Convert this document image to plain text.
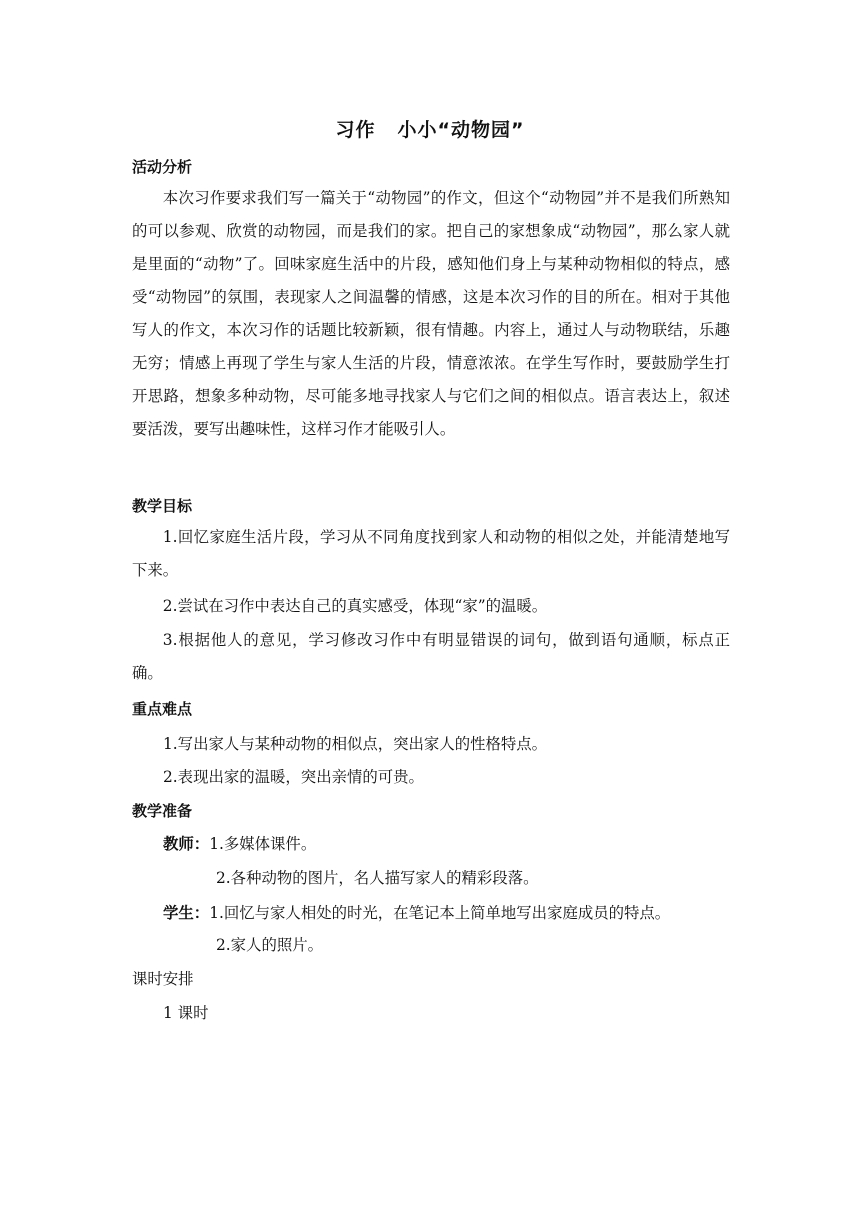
习作 小小“动物园”
活动分析
本次习作要求我们写一篇关于“动物园”的作文，但这个“动物园”并不是我们所熟知的可以参观、欣赏的动物园，而是我们的家。把自己的家想象成“动物园”，那么家人就是里面的“动物”了。回味家庭生活中的片段，感知他们身上与某种动物相似的特点，感受“动物园”的氛围，表现家人之间温馨的情感，这是本次习作的目的所在。相对于其他写人的作文，本次习作的话题比较新颖，很有情趣。内容上，通过人与动物联结，乐趣无穷；情感上再现了学生与家人生活的片段，情意浓浓。在学生写作时，要鼓励学生打开思路，想象多种动物，尽可能多地寻找家人与它们之间的相似点。语言表达上，叙述要活泼，要写出趣味性，这样习作才能吸引人。
教学目标
1.回忆家庭生活片段，学习从不同角度找到家人和动物的相似之处，并能清楚地写下来。
2.尝试在习作中表达自己的真实感受，体现“家”的温暖。
3.根据他人的意见，学习修改习作中有明显错误的词句，做到语句通顺，标点正确。
重点难点
1.写出家人与某种动物的相似点，突出家人的性格特点。
2.表现出家的温暖，突出亲情的可贵。
教学准备
教师：1.多媒体课件。
2.各种动物的图片，名人描写家人的精彩段落。
学生：1.回忆与家人相处的时光，在笔记本上简单地写出家庭成员的特点。
2.家人的照片。
课时安排
1 课时
